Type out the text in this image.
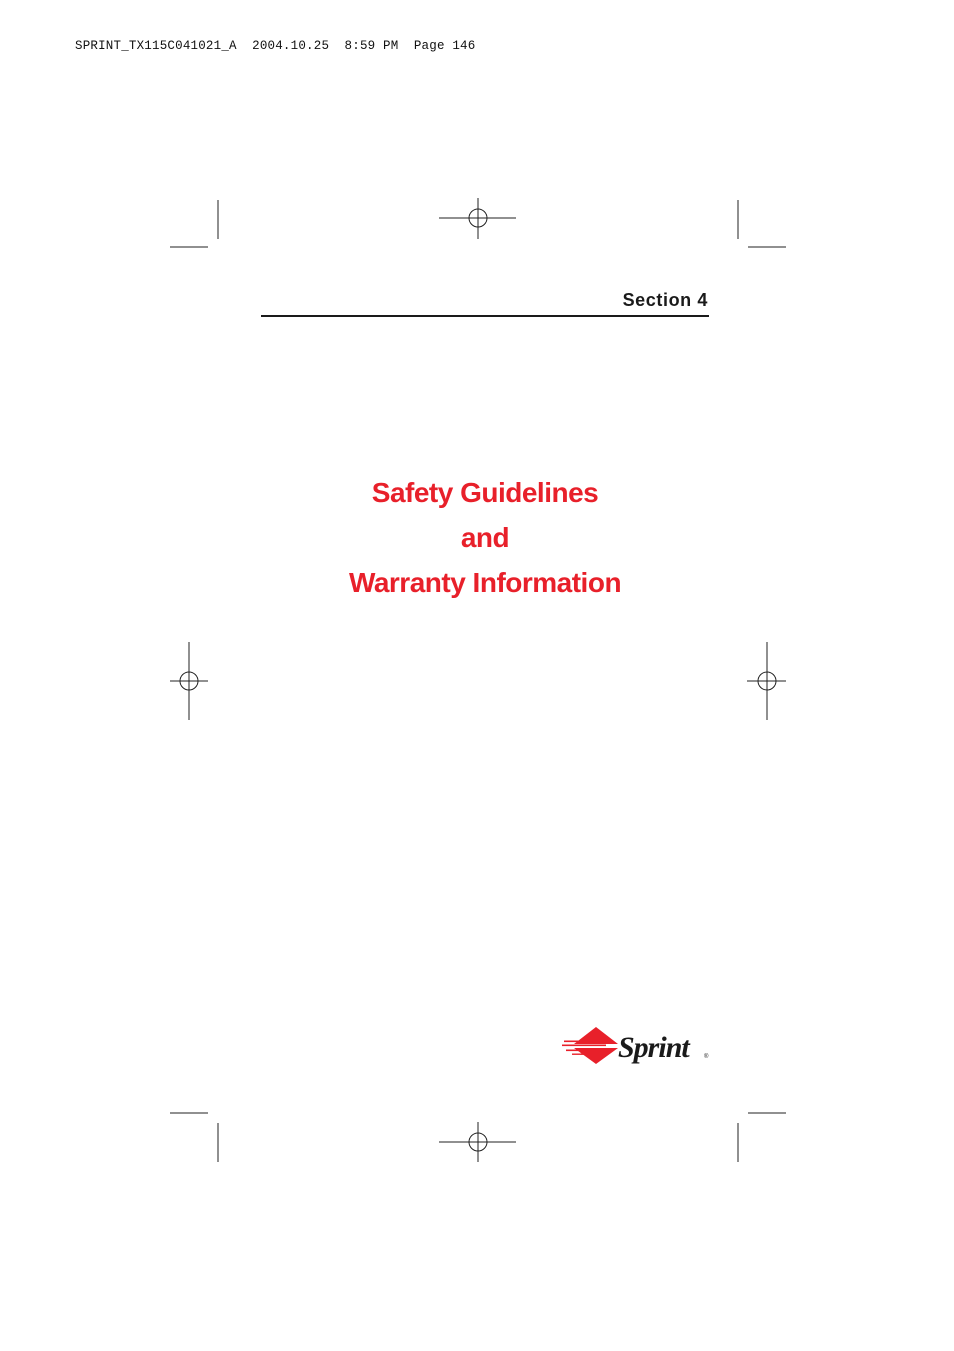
SPRINT_TX115C041021_A  2004.10.25  8:59 PM  Page 146
Section 4
Safety Guidelines
and
Warranty Information
Sprint	®
